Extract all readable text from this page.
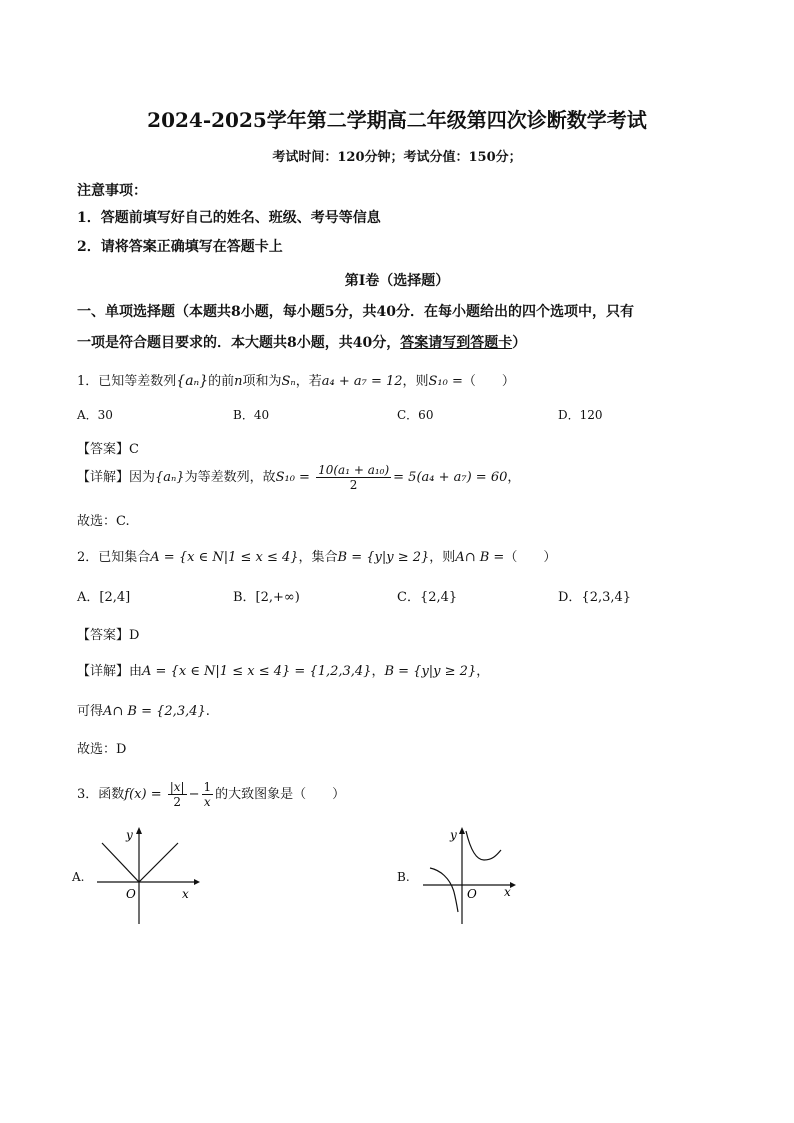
2024-2025学年第二学期高二年级第四次诊断数学考试
考试时间：120分钟；考试分值：150分；
注意事项：
1．答题前填写好自己的姓名、班级、考号等信息
2．请将答案正确填写在答题卡上
第I卷（选择题）
一、单项选择题（本题共8小题，每小题5分，共40分．在每小题给出的四个选项中，只有
一项是符合题目要求的．本大题共8小题，共40分，答案请写到答题卡）
1．已知等差数列{aₙ}的前n项和为Sₙ，若a₄ + a₇ = 12，则S₁₀ =（　　）
A．30	B．40	C．60	D．120
【答案】C
【详解】因为{aₙ}为等差数列，故$S_{10} = \frac{\text{10(a₁ + a₁₀)}}{2} = 5(a_4 + a_7) = 60$，
故选：C.
2．已知集合A = {x ∈ N|1 ≤ x ≤ 4}，集合B = {y|y ≥ 2}，则A∩ B =（　　）
A．[2,4]	B．[2,+∞)	C．{2,4}	D．{2,3,4}
【答案】D
【详解】由A = {x ∈ N|1 ≤ x ≤ 4} = {1,2,3,4}，B = {y|y ≥ 2}，
可得A∩ B = {2,3,4}.
故选：D
3．函数$f(x) = \frac{|x|}{2} - \frac{1}{x}$ 的大致图象是（　　）
A.
y
O	x
B.
y
O x
